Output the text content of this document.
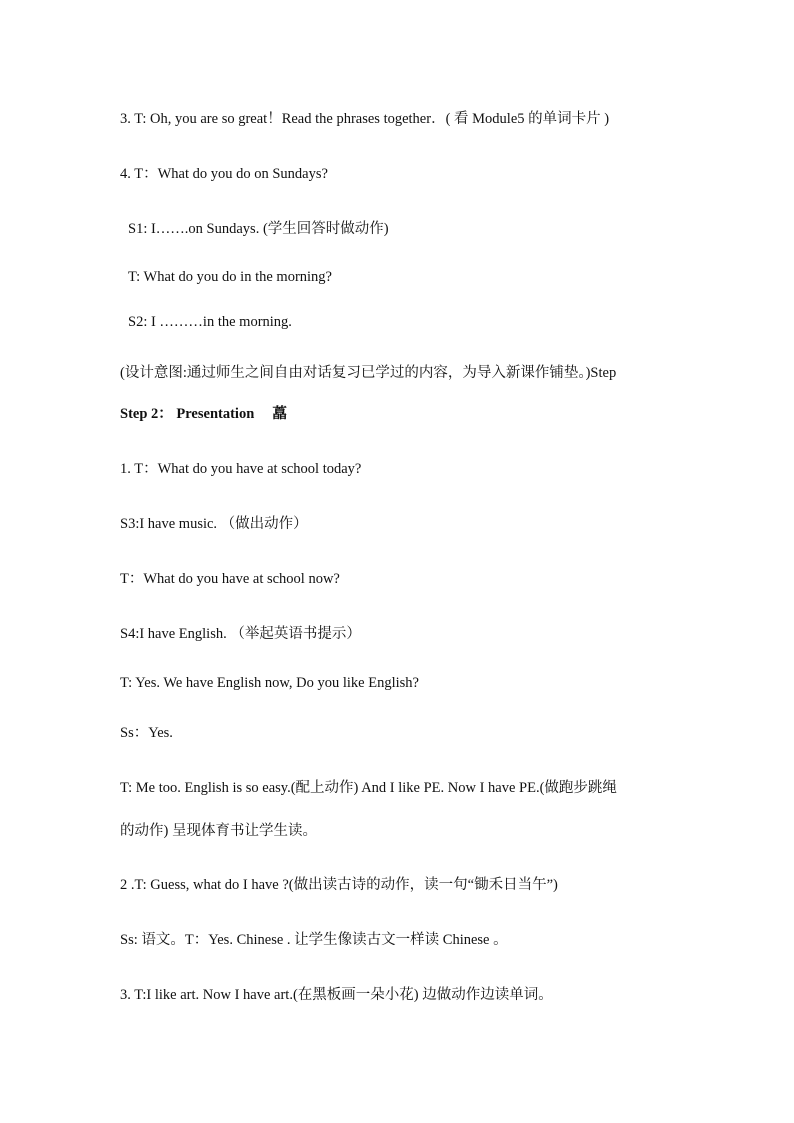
3. T: Oh, you are so great！Read the phrases together．( 看 Module5 的单词卡片 )
4. T：What do you do on Sundays?
S1: I…….on Sundays. (学生回答时做动作)
T: What do you do in the morning?
S2: I ………in the morning.
(设计意图:通过师生之间自由对话复习已学过的内容，为导入新课作铺垫。)Step
Step 2： Presentation　 藠
1. T：What do you have at school today?
S3:I have music. （做出动作）
T：What do you have at school now?
S4:I have English. （举起英语书提示）
T: Yes. We have English now, Do you like English?
Ss：Yes.
T: Me too. English is so easy.(配上动作) And I like PE. Now I have PE.(做跑步跳绳
的动作) 呈现体育书让学生读。
2 .T: Guess, what do I have ?(做出读古诗的动作，读一句“锄禾日当午”)
Ss: 语文。T：Yes. Chinese . 让学生像读古文一样读 Chinese 。
3. T:I like art. Now I have art.(在黑板画一朵小花) 边做动作边读单词。
